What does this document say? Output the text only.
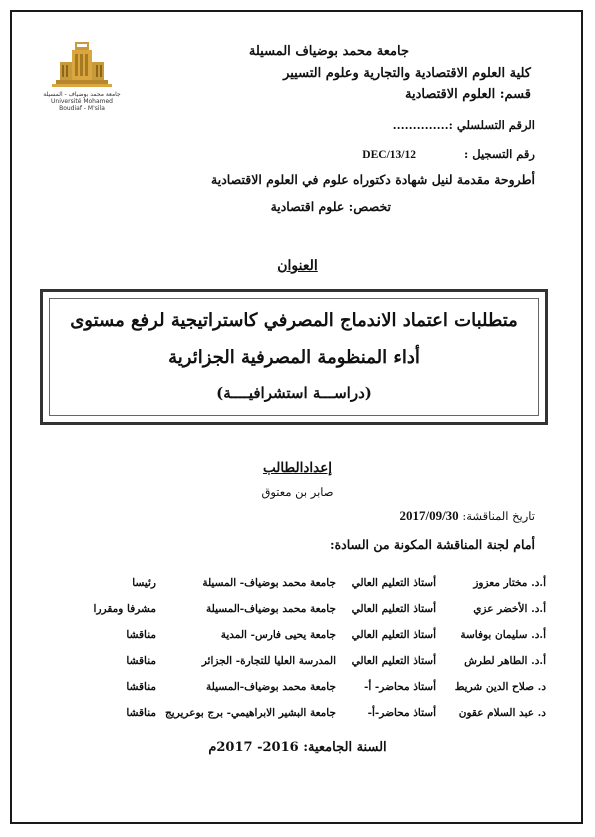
جامعة محمد بوضياف - المسيلة
Université Mohamed Boudiaf - M'sila
جامعة محمد بوضياف المسيلة
كلية العلوم الاقتصادية والتجارية وعلوم التسيير
قسم: العلوم الاقتصادية
الرقم التسلسلي :..............
رقم التسجيل :  DEC/13/12
أطروحة مقدمة لنيل شهادة دكتوراه علوم في العلوم الاقتصادية
تخصص: علوم اقتصادية
العنوان
متطلبات اعتماد الاندماج المصرفي كاستراتيجية لرفع مستوى
أداء المنظومة المصرفية الجزائرية
(دراســـة استشرافيــــة)
إعدادالطالب
صابر بن معتوق
تاريخ المناقشة: 2017/09/30
أمام لجنة المناقشة المكونة من السادة:
أ.د. مختار معزوز	أستاذ التعليم العالي	جامعة محمد بوضياف- المسيلة	رئيسا
أ.د. الأخضر عزي	أستاذ التعليم العالي	جامعة محمد بوضياف-المسيلة	مشرفا ومقررا
أ.د. سليمان بوفاسة	أستاذ التعليم العالي	جامعة يحيى فارس- المدية	مناقشا
أ.د. الطاهر لطرش	أستاذ التعليم العالي	المدرسة العليا للتجارة- الجزائر	مناقشا
د. صلاح الدين شريط	أستاذ محاضر- أ-	جامعة محمد بوضياف-المسيلة	مناقشا
د. عبد السلام عقون	أستاذ محاضر-أ-	جامعة البشير الابراهيمي- برج بوعريريج	مناقشا
السنة الجامعية: 2016- 2017م
